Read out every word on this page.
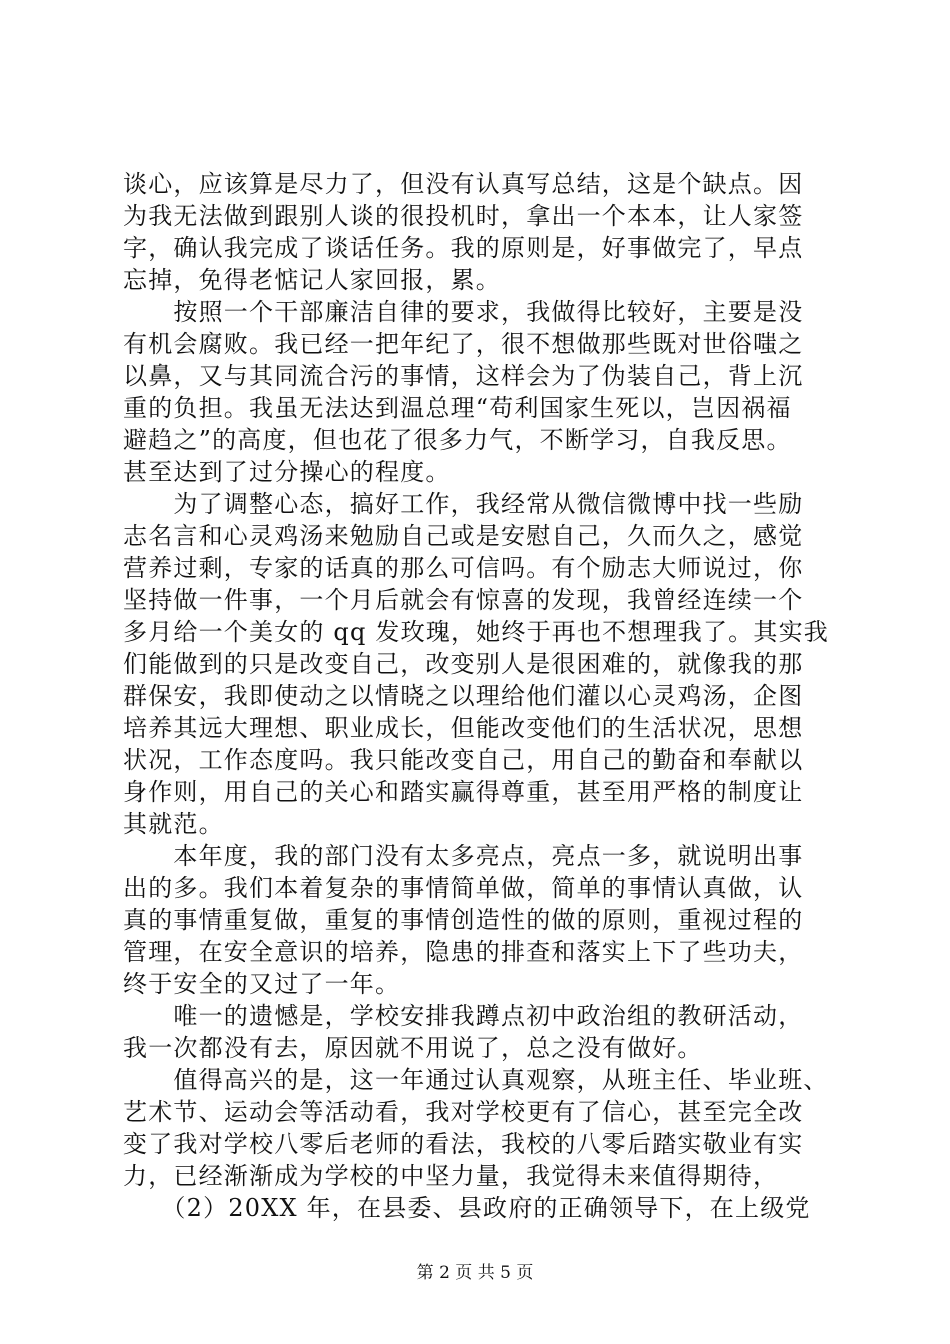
谈心，应该算是尽力了，但没有认真写总结，这是个缺点。因
为我无法做到跟别人谈的很投机时，拿出一个本本，让人家签
字，确认我完成了谈话任务。我的原则是，好事做完了，早点
忘掉，免得老惦记人家回报，累。
　　按照一个干部廉洁自律的要求，我做得比较好，主要是没
有机会腐败。我已经一把年纪了，很不想做那些既对世俗嗤之
以鼻，又与其同流合污的事情，这样会为了伪装自己，背上沉
重的负担。我虽无法达到温总理“苟利国家生死以，岂因祸福
避趋之”的高度，但也花了很多力气，不断学习，自我反思。
甚至达到了过分操心的程度。
　　为了调整心态，搞好工作，我经常从微信微博中找一些励
志名言和心灵鸡汤来勉励自己或是安慰自己，久而久之，感觉
营养过剩，专家的话真的那么可信吗。有个励志大师说过，你
坚持做一件事，一个月后就会有惊喜的发现，我曾经连续一个
多月给一个美女的 qq 发玫瑰，她终于再也不想理我了。其实我
们能做到的只是改变自己，改变别人是很困难的，就像我的那
群保安，我即使动之以情晓之以理给他们灌以心灵鸡汤，企图
培养其远大理想、职业成长，但能改变他们的生活状况，思想
状况，工作态度吗。我只能改变自己，用自己的勤奋和奉献以
身作则，用自己的关心和踏实赢得尊重，甚至用严格的制度让
其就范。
　　本年度，我的部门没有太多亮点，亮点一多，就说明出事
出的多。我们本着复杂的事情简单做，简单的事情认真做，认
真的事情重复做，重复的事情创造性的做的原则，重视过程的
管理，在安全意识的培养，隐患的排查和落实上下了些功夫，
终于安全的又过了一年。
　　唯一的遗憾是，学校安排我蹲点初中政治组的教研活动，
我一次都没有去，原因就不用说了，总之没有做好。
　　值得高兴的是，这一年通过认真观察，从班主任、毕业班、
艺术节、运动会等活动看，我对学校更有了信心，甚至完全改
变了我对学校八零后老师的看法，我校的八零后踏实敬业有实
力，已经渐渐成为学校的中坚力量，我觉得未来值得期待，
　　（2）20XX 年，在县委、县政府的正确领导下，在上级党
第 2 页 共 5 页
